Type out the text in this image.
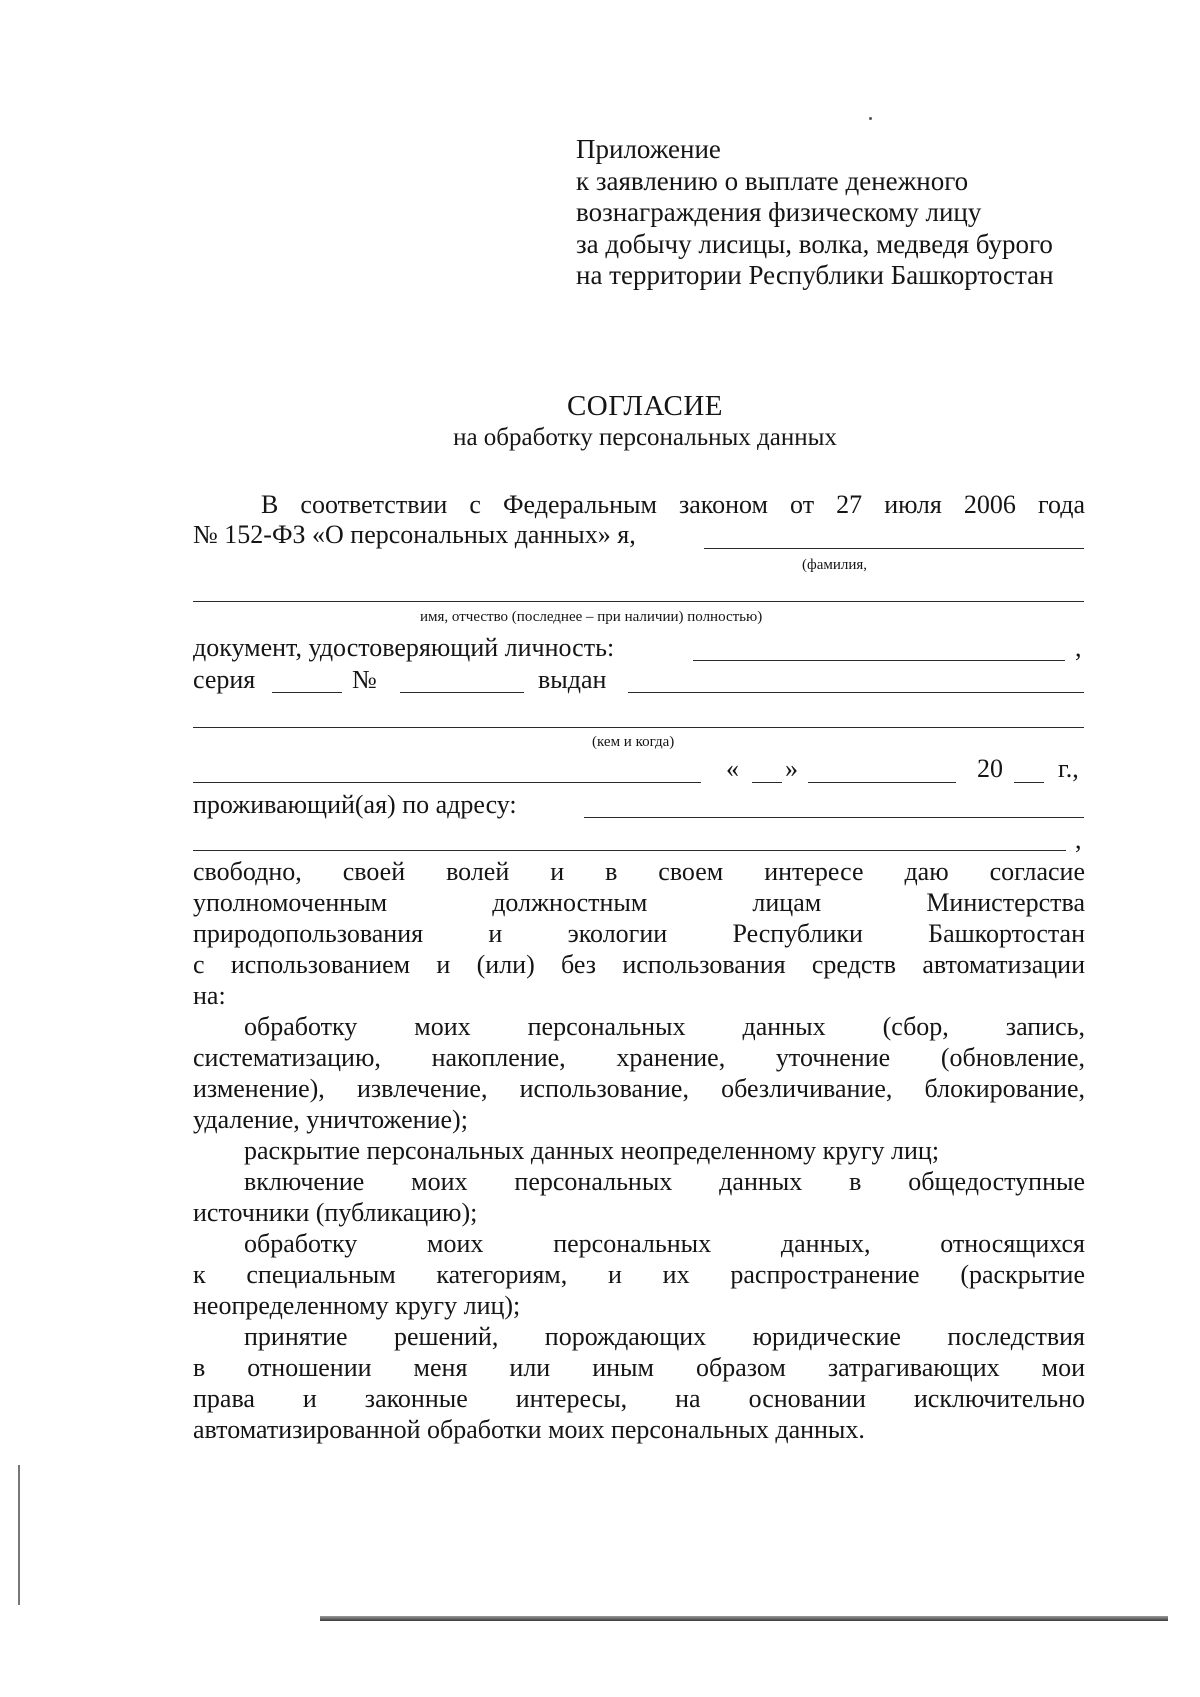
Приложение
к заявлению о выплате денежного
вознаграждения физическому лицу
за добычу лисицы, волка, медведя бурого
на территории Республики Башкортостан
СОГЛАСИЕ
на обработку персональных данных
В соответствии с Федеральным законом от 27 июля 2006 года
№ 152-ФЗ «О персональных данных» я,
(фамилия,
имя, отчество (последнее – при наличии) полностью)
документ, удостоверяющий личность:	,
серия	№	выдан
(кем и когда)
« »	20 г.,
проживающий(ая) по адресу:
,
свободно, своей волей и в своем интересе даю согласие
уполномоченным должностным лицам Министерства
природопользования и экологии Республики Башкортостан
с использованием и (или) без использования средств автоматизации
на:
обработку моих персональных данных (сбор, запись,
систематизацию, накопление, хранение, уточнение (обновление,
изменение), извлечение, использование, обезличивание, блокирование,
удаление, уничтожение);
раскрытие персональных данных неопределенному кругу лиц;
включение моих персональных данных в общедоступные
источники (публикацию);
обработку моих персональных данных, относящихся
к специальным категориям, и их распространение (раскрытие
неопределенному кругу лиц);
принятие решений, порождающих юридические последствия
в отношении меня или иным образом затрагивающих мои
права и законные интересы, на основании исключительно
автоматизированной обработки моих персональных данных.
